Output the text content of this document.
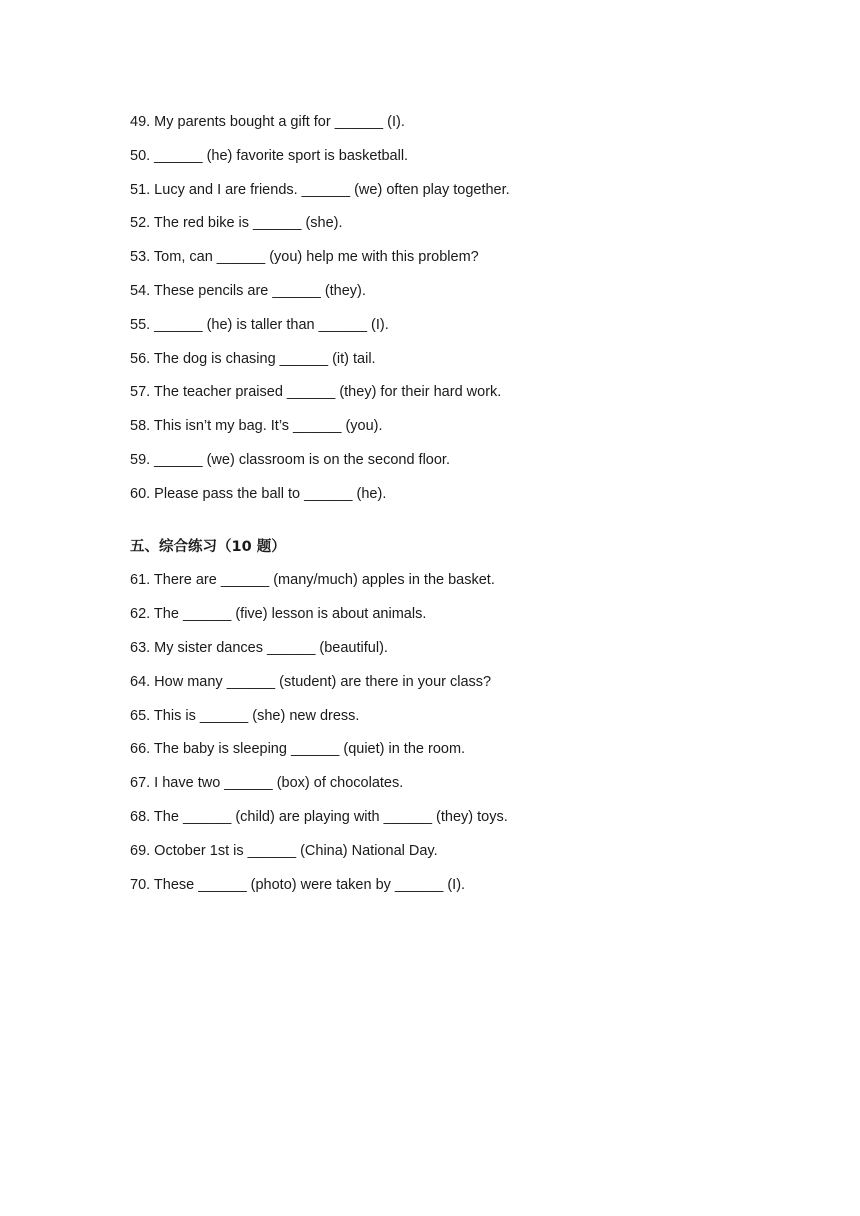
49. My parents bought a gift for ______ (I).
50. ______ (he) favorite sport is basketball.
51. Lucy and I are friends. ______ (we) often play together.
52. The red bike is ______ (she).
53. Tom, can ______ (you) help me with this problem?
54. These pencils are ______ (they).
55. ______ (he) is taller than ______ (I).
56. The dog is chasing ______ (it) tail.
57. The teacher praised ______ (they) for their hard work.
58. This isn’t my bag. It’s ______ (you).
59. ______ (we) classroom is on the second floor.
60. Please pass the ball to ______ (he).
五、综合练习（10 题）
61. There are ______ (many/much) apples in the basket.
62. The ______ (five) lesson is about animals.
63. My sister dances ______ (beautiful).
64. How many ______ (student) are there in your class?
65. This is ______ (she) new dress.
66. The baby is sleeping ______ (quiet) in the room.
67. I have two ______ (box) of chocolates.
68. The ______ (child) are playing with ______ (they) toys.
69. October 1st is ______ (China) National Day.
70. These ______ (photo) were taken by ______ (I).
